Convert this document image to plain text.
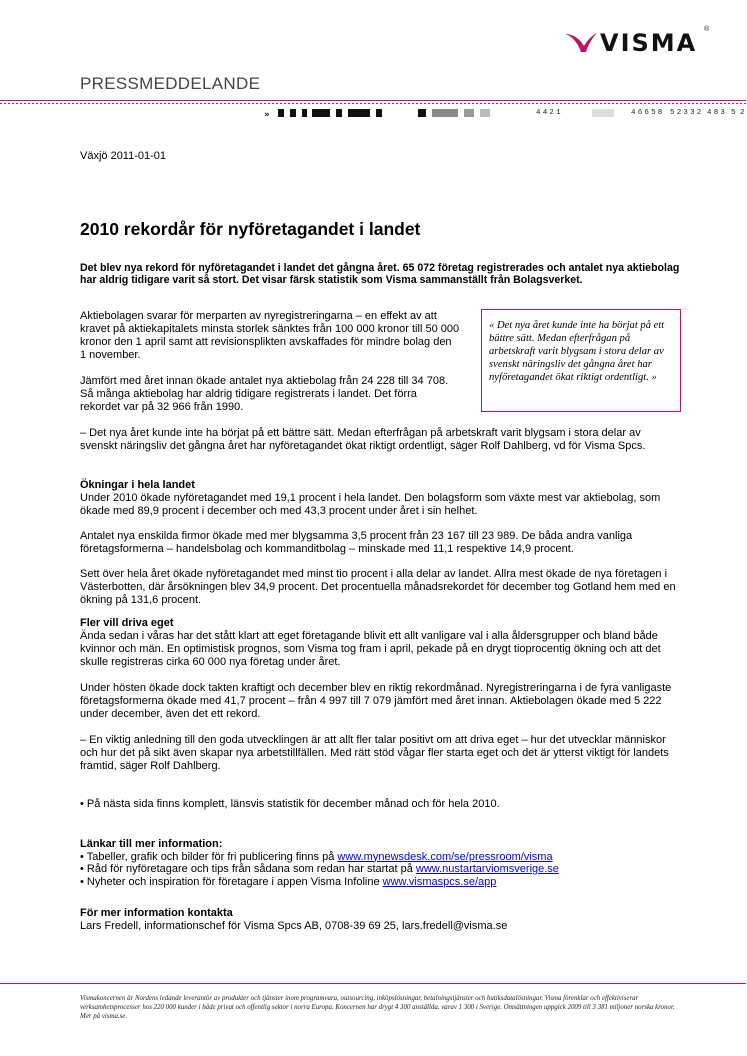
VISMA ®
PRESSMEDDELANDE
»	4421	46658 52332 483 5 2
Växjö 2011-01-01
2010 rekordår för nyföretagandet i landet

Det blev nya rekord för nyföretagandet i landet det gångna året. 65 072 företag registrerades och antalet nya aktiebolag har aldrig tidigare varit så stort. Det visar färsk statistik som Visma sammanställt från Bolagsverket.

Aktiebolagen svarar för merparten av nyregistreringarna – en effekt av att kravet på aktiekapitalets minsta storlek sänktes från 100 000 kronor till 50 000 kronor den 1 april samt att revisionsplikten avskaffades för mindre bolag den 1 november.

Jämfört med året innan ökade antalet nya aktiebolag från 24 228 till 34 708. Så många aktiebolag har aldrig tidigare registrerats i landet. Det förra rekordet var på 32 966 från 1990.

« Det nya året kunde inte ha börjat på ett bättre sätt. Medan efterfrågan på arbetskraft varit blygsam i stora delar av svenskt näringsliv det gångna året har nyföretagandet ökat riktigt ordentligt. »

– Det nya året kunde inte ha börjat på ett bättre sätt. Medan efterfrågan på arbetskraft varit blygsam i stora delar av svenskt näringsliv det gångna året har nyföretagandet ökat riktigt ordentligt, säger Rolf Dahlberg, vd för Visma Spcs.

Ökningar i hela landet

Under 2010 ökade nyföretagandet med 19,1 procent i hela landet. Den bolagsform som växte mest var aktiebolag, som ökade med 89,9 procent i december och med 43,3 procent under året i sin helhet.

Antalet nya enskilda firmor ökade med mer blygsamma 3,5 procent från 23 167 till 23 989. De båda andra vanliga företagsformerna – handelsbolag och kommanditbolag – minskade med 11,1 respektive 14,9 procent.

Sett över hela året ökade nyföretagandet med minst tio procent i alla delar av landet. Allra mest ökade de nya företagen i Västerbotten, där årsökningen blev 34,9 procent. Det procentuella månadsrekordet för december tog Gotland hem med en ökning på 131,6 procent.

Fler vill driva eget

Ända sedan i våras har det stått klart att eget företagande blivit ett allt vanligare val i alla åldersgrupper och bland både kvinnor och män. En optimistisk prognos, som Visma tog fram i april, pekade på en drygt tioprocentig ökning och att det skulle registreras cirka 60 000 nya företag under året.

Under hösten ökade dock takten kraftigt och december blev en riktig rekordmånad. Nyregistreringarna i de fyra vanligaste företagsformerna ökade med 41,7 procent – från 4 997 till 7 079 jämfört med året innan. Aktiebolagen ökade med 5 222 under december, även det ett rekord.

– En viktig anledning till den goda utvecklingen är att allt fler talar positivt om att driva eget – hur det utvecklar människor och hur det på sikt även skapar nya arbetstillfällen. Med rätt stöd vågar fler starta eget och det är ytterst viktigt för landets framtid, säger Rolf Dahlberg.

• På nästa sida finns komplett, länsvis statistik för december månad och för hela 2010.

Länkar till mer information:
• Tabeller, grafik och bilder för fri publicering finns på www.mynewsdesk.com/se/pressroom/visma
• Råd för nyföretagare och tips från sådana som redan har startat på www.nustartarviomsverige.se
• Nyheter och inspiration för företagare i appen Visma Infoline www.vismaspcs.se/app
För mer information kontakta
Lars Fredell, informationschef för Visma Spcs AB, 0708-39 69 25, lars.fredell@visma.se

Vismakoncernen är Nordens ledande leverantör av produkter och tjänster inom programvara, outsourcing, inköpslösningar, betalningstjänster och butiksdatalösningar. Visma förenklar och effektiviserar verksamhetsprocesser hos 220 000 kunder i både privat och offentlig sektor i norra Europa. Koncernen har drygt 4 300 anställda, varav 1 300 i Sverige. Omsättningen uppgick 2009 till 3 381 miljoner norska kronor. Mer på visma.se.
